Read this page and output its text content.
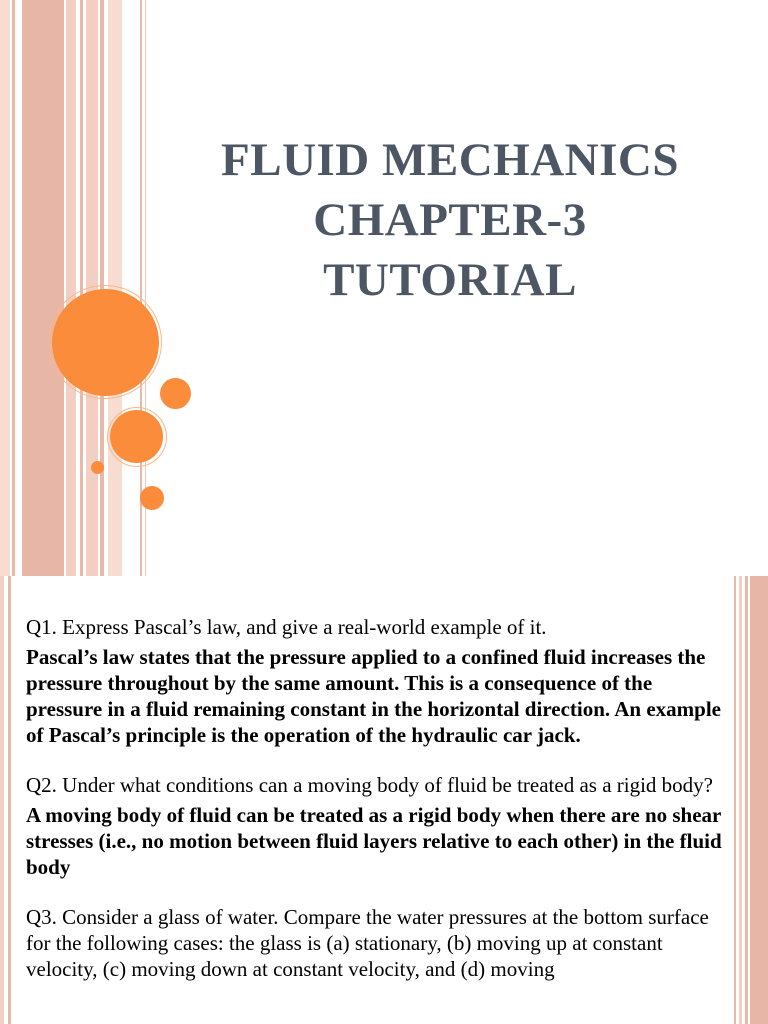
FLUID MECHANICS
CHAPTER-3
TUTORIAL

Q1. Express Pascal’s law, and give a real-world example of it.

Pascal’s law states that the pressure applied to a confined fluid increases the pressure throughout by the same amount. This is a consequence of the pressure in a fluid remaining constant in the horizontal direction. An example of Pascal’s principle is the operation of the hydraulic car jack.

Q2. Under what conditions can a moving body of fluid be treated as a rigid body?

A moving body of fluid can be treated as a rigid body when there are no shear stresses (i.e., no motion between fluid layers relative to each other) in the fluid body

Q3. Consider a glass of water. Compare the water pressures at the bottom surface for the following cases: the glass is (a) stationary, (b) moving up at constant velocity, (c) moving down at constant velocity, and (d) moving
